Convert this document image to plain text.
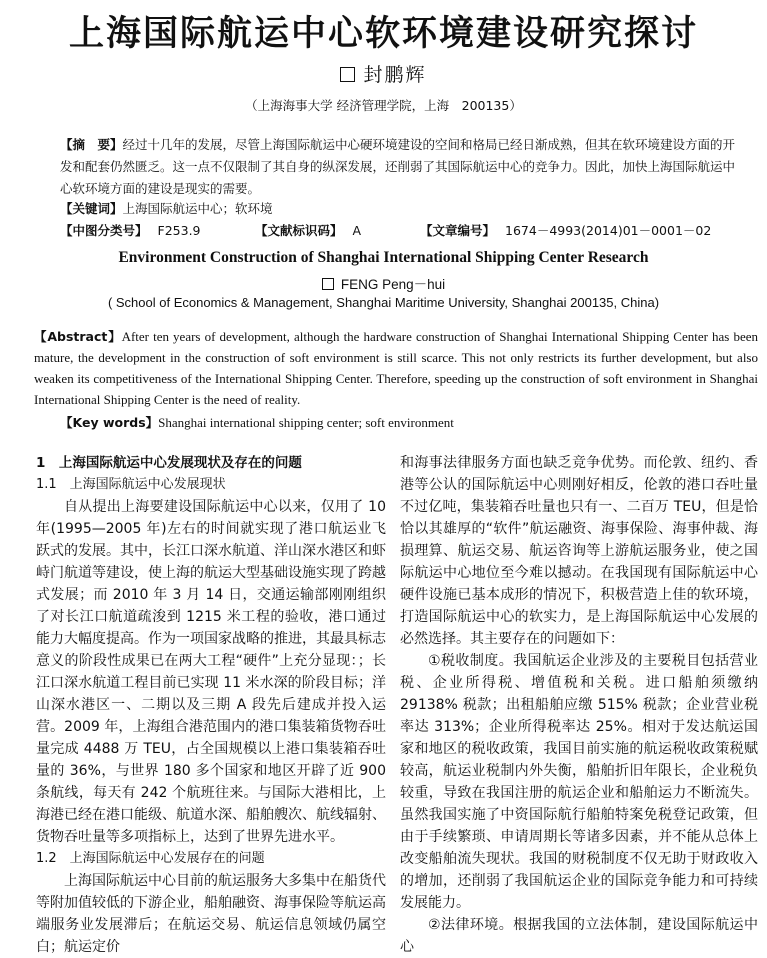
上海国际航运中心软环境建设研究探讨
封鹏辉
（上海海事大学 经济管理学院，上海　200135）
【摘　要】经过十几年的发展，尽管上海国际航运中心硬环境建设的空间和格局已经日渐成熟，但其在软环境建设方面的开发和配套仍然匮乏。这一点不仅限制了其自身的纵深发展，还削弱了其国际航运中心的竞争力。因此，加快上海国际航运中心软环境方面的建设是现实的需要。
【关键词】上海国际航运中心；软环境
【中图分类号】 F253.9	【文献标识码】 A	【文章编号】 1674－4993(2014)01－0001－02
Environment Construction of Shanghai International Shipping Center Research
FENG Peng－hui
( School of Economics & Management, Shanghai Maritime University, Shanghai 200135, China)
【Abstract】After ten years of development, although the hardware construction of Shanghai International Shipping Center has been mature, the development in the construction of soft environment is still scarce. This not only restricts its further development, but also weaken its competitiveness of the International Shipping Center. Therefore, speeding up the construction of soft environment in Shanghai International Shipping Center is the need of reality.
【Key words】Shanghai international shipping center; soft environment
1　上海国际航运中心发展现状及存在的问题
1.1　上海国际航运中心发展现状

自从提出上海要建设国际航运中心以来，仅用了 10 年(1995—2005 年)左右的时间就实现了港口航运业飞跃式的发展。其中，长江口深水航道、洋山深水港区和虾峙门航道等建设，使上海的航运大型基础设施实现了跨越式发展；而 2010 年 3 月 14 日，交通运输部刚刚组织了对长江口航道疏浚到 1215 米工程的验收，港口通过能力大幅度提高。作为一项国家战略的推进，其最具标志意义的阶段性成果已在两大工程“硬件”上充分显现：；长江口深水航道工程目前已实现 11 米水深的阶段目标；洋山深水港区一、二期以及三期 A 段先后建成并投入运营。2009 年，上海组合港范围内的港口集装箱货物吞吐量完成 4488 万 TEU，占全国规模以上港口集装箱吞吐量的 36%，与世界 180 多个国家和地区开辟了近 900 条航线，每天有 242 个航班往来。与国际大港相比，上海港已经在港口能级、航道水深、船舶艘次、航线辐射、货物吞吐量等多项指标上，达到了世界先进水平。

1.2　上海国际航运中心发展存在的问题

上海国际航运中心目前的航运服务大多集中在船货代等附加值较低的下游企业，船舶融资、海事保险等航运高端服务业发展滞后；在航运交易、航运信息领域仍属空白；航运定价

和海事法律服务方面也缺乏竞争优势。而伦敦、纽约、香港等公认的国际航运中心则刚好相反，伦敦的港口吞吐量不过亿吨，集装箱吞吐量也只有一、二百万 TEU，但是恰恰以其雄厚的“软件”航运融资、海事保险、海事仲裁、海损理算、航运交易、航运咨询等上游航运服务业，使之国际航运中心地位至今难以撼动。在我国现有国际航运中心硬件设施已基本成形的情况下，积极营造上佳的软环境，打造国际航运中心的软实力，是上海国际航运中心发展的必然选择。其主要存在的问题如下：

①税收制度。我国航运企业涉及的主要税目包括营业税、企业所得税、增值税和关税。进口船舶须缴纳 29138% 税款；出租船舶应缴 515% 税款；企业营业税率达 313%；企业所得税率达 25%。相对于发达航运国家和地区的税收政策，我国目前实施的航运税收政策税赋较高，航运业税制内外失衡，船舶折旧年限长，企业税负较重，导致在我国注册的航运企业和船舶运力不断流失。虽然我国实施了中资国际航行船舶特案免税登记政策，但由于手续繁琐、申请周期长等诸多因素，并不能从总体上改变船舶流失现状。我国的财税制度不仅无助于财政收入的增加，还削弱了我国航运企业的国际竞争能力和可持续发展能力。

②法律环境。根据我国的立法体制，建设国际航运中心
